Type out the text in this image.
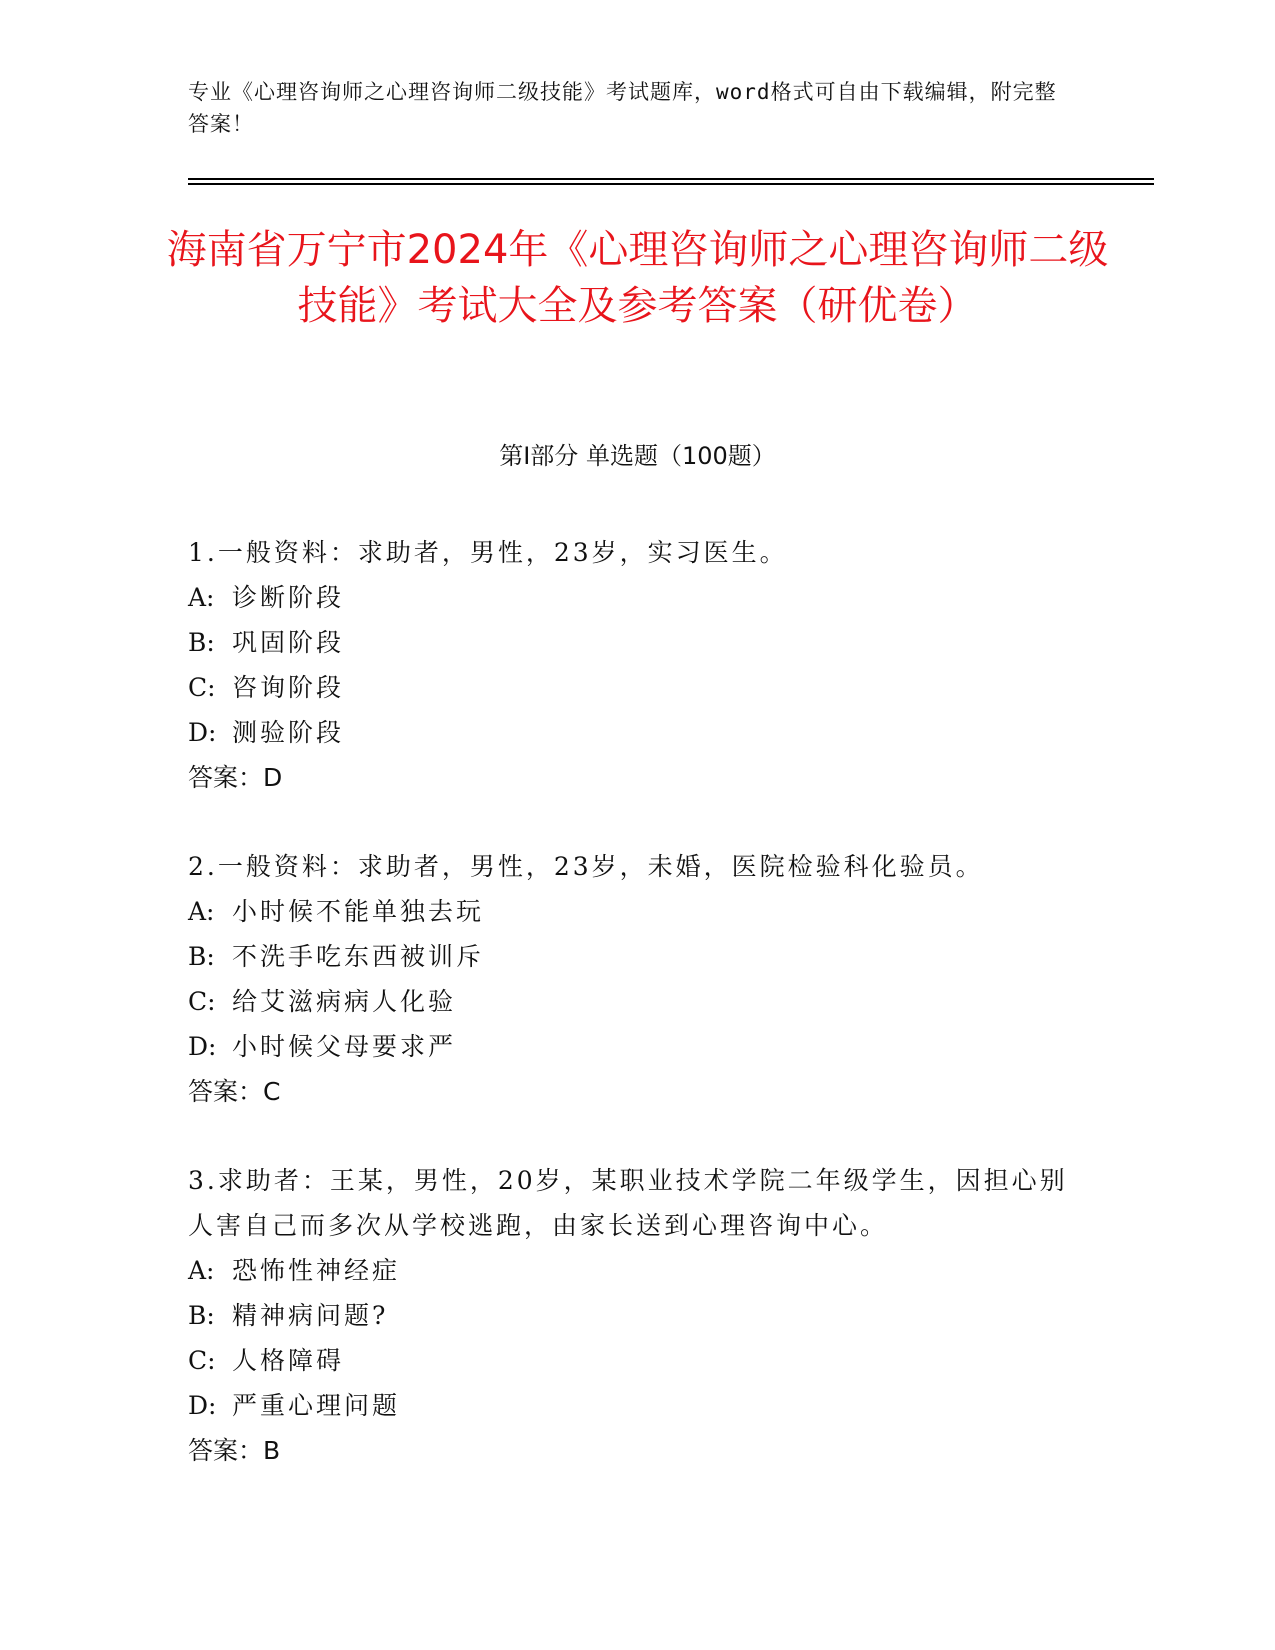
专业《心理咨询师之心理咨询师二级技能》考试题库，word格式可自由下载编辑，附完整答案！
海南省万宁市2024年《心理咨询师之心理咨询师二级技能》考试大全及参考答案（研优卷）
第Ⅰ部分 单选题（100题）
1.一般资料：求助者，男性，23岁，实习医生。
A: 诊断阶段
B: 巩固阶段
C: 咨询阶段
D: 测验阶段
答案：D
2.一般资料：求助者，男性，23岁，未婚，医院检验科化验员。
A: 小时候不能单独去玩
B: 不洗手吃东西被训斥
C: 给艾滋病病人化验
D: 小时候父母要求严
答案：C
3.求助者：王某，男性，20岁，某职业技术学院二年级学生，因担心别人害自己而多次从学校逃跑，由家长送到心理咨询中心。
A: 恐怖性神经症
B: 精神病问题?
C: 人格障碍
D: 严重心理问题
答案：B
